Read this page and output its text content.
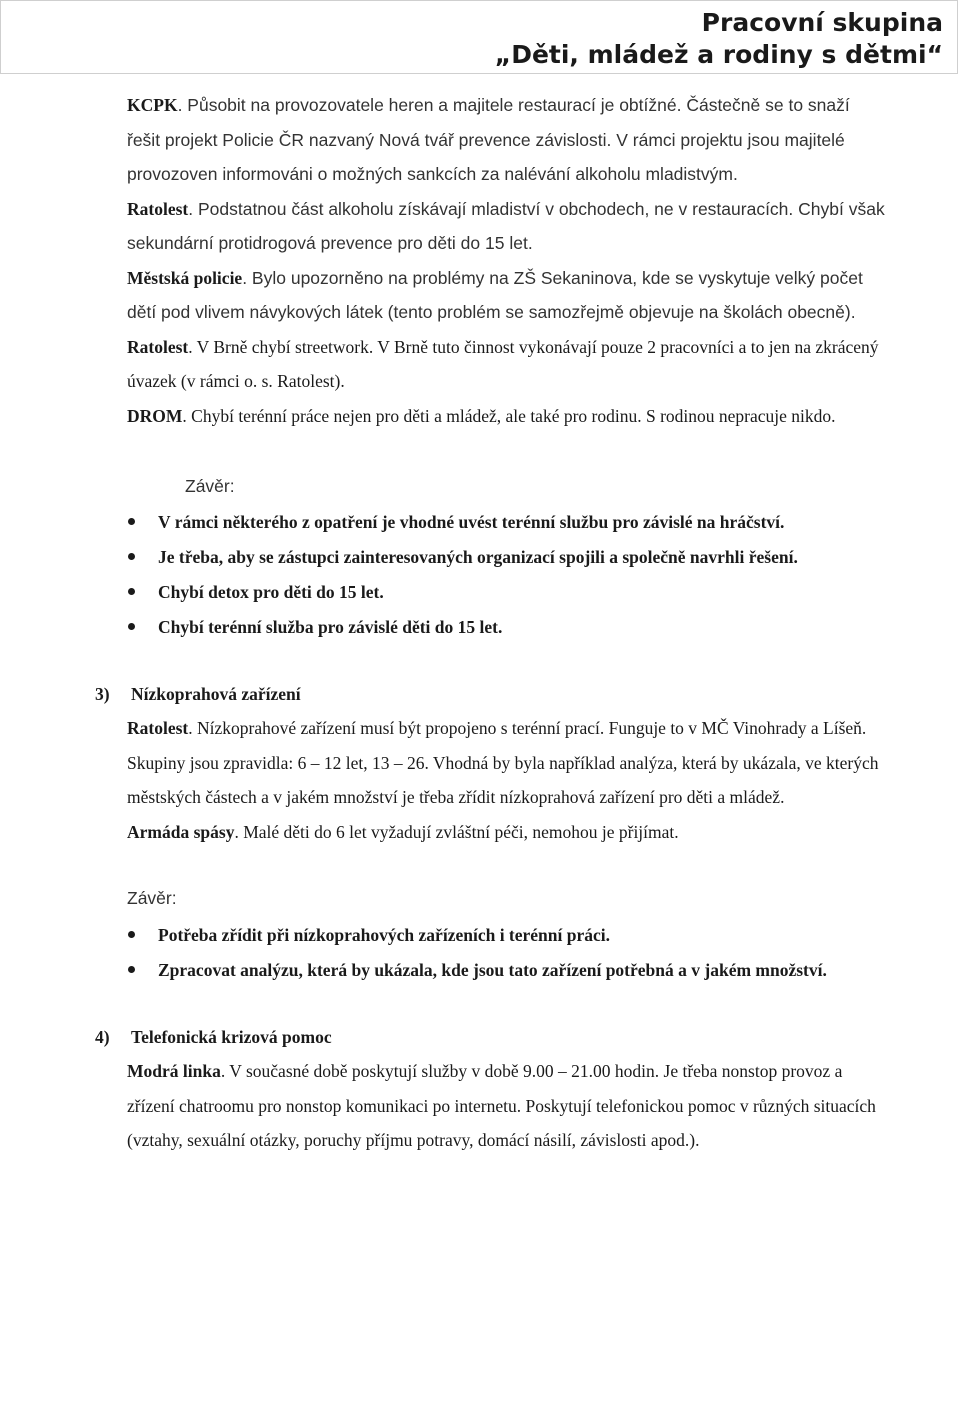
Pracovní skupina
„Děti, mládež a rodiny s dětmi“

KCPK. Působit na provozovatele heren a majitele restaurací je obtížné. Částečně se to snaží řešit projekt Policie ČR nazvaný Nová tvář prevence závislosti. V rámci projektu jsou majitelé provozoven informováni o možných sankcích za nalévání alkoholu mladistvým.

Ratolest. Podstatnou část alkoholu získávají mladiství v obchodech, ne v restauracích. Chybí však sekundární protidrogová prevence pro děti do 15 let.

Městská policie. Bylo upozorněno na problémy na ZŠ Sekaninova, kde se vyskytuje velký počet dětí pod vlivem návykových látek (tento problém se samozřejmě objevuje na školách obecně).

Ratolest. V Brně chybí streetwork. V Brně tuto činnost vykonávají pouze 2 pracovníci a to jen na zkrácený úvazek (v rámci o. s. Ratolest).

DROM. Chybí terénní práce nejen pro děti a mládež, ale také pro rodinu. S rodinou nepracuje nikdo.

Závěr:

V rámci některého z opatření je vhodné uvést terénní službu pro závislé na hráčství.
Je třeba, aby se zástupci zainteresovaných organizací spojili a společně navrhli řešení.
Chybí detox pro děti do 15 let.
Chybí terénní služba pro závislé děti do 15 let.

3) Nízkoprahová zařízení

Ratolest. Nízkoprahové zařízení musí být propojeno s terénní prací. Funguje to v MČ Vinohrady a Líšeň. Skupiny jsou zpravidla: 6 – 12 let, 13 – 26. Vhodná by byla například analýza, která by ukázala, ve kterých městských částech a v jakém množství je třeba zřídit nízkoprahová zařízení pro děti a mládež.

Armáda spásy. Malé děti do 6 let vyžadují zvláštní péči, nemohou je přijímat.

Závěr:

Potřeba zřídit při nízkoprahových zařízeních i terénní práci.
Zpracovat analýzu, která by ukázala, kde jsou tato zařízení potřebná a v jakém množství.

4) Telefonická krizová pomoc

Modrá linka. V současné době poskytují služby v době 9.00 – 21.00 hodin. Je třeba nonstop provoz a zřízení chatroomu pro nonstop komunikaci po internetu. Poskytují telefonickou pomoc v různých situacích (vztahy, sexuální otázky, poruchy příjmu potravy, domácí násilí, závislosti apod.).
